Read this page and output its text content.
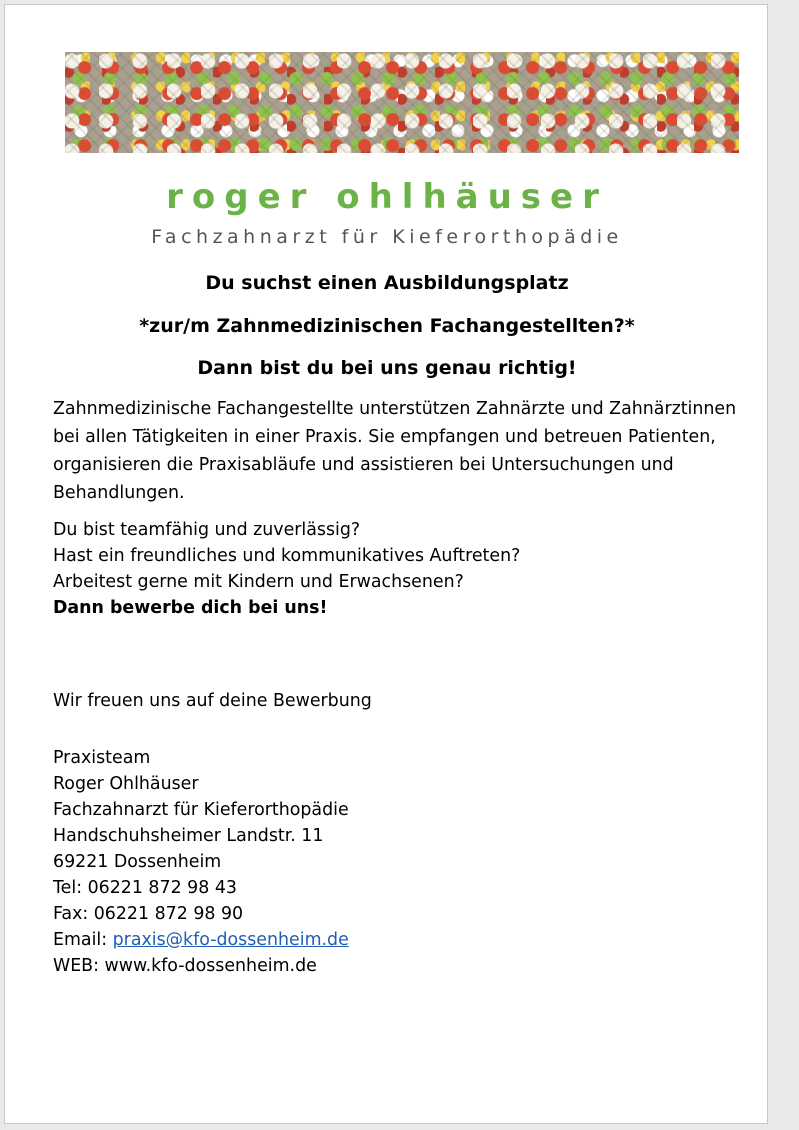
roger ohlhäuser
Fachzahnarzt für Kieferorthopädie
Du suchst einen Ausbildungsplatz
*zur/m Zahnmedizinischen Fachangestellten?*
Dann bist du bei uns genau richtig!
Zahnmedizinische Fachangestellte unterstützen Zahnärzte und Zahnärztinnen bei allen Tätigkeiten in einer Praxis. Sie empfangen und betreuen Patienten, organisieren die Praxisabläufe und assistieren bei Untersuchungen und Behandlungen.
Du bist teamfähig und zuverlässig?
Hast ein freundliches und kommunikatives Auftreten?
Arbeitest gerne mit Kindern und Erwachsenen?
Dann bewerbe dich bei uns!
Wir freuen uns auf deine Bewerbung
Praxisteam
Roger Ohlhäuser
Fachzahnarzt für Kieferorthopädie
Handschuhsheimer Landstr. 11
69221 Dossenheim
Tel: 06221 872 98 43
Fax: 06221 872 98 90
Email: praxis@kfo-dossenheim.de
WEB: www.kfo-dossenheim.de
